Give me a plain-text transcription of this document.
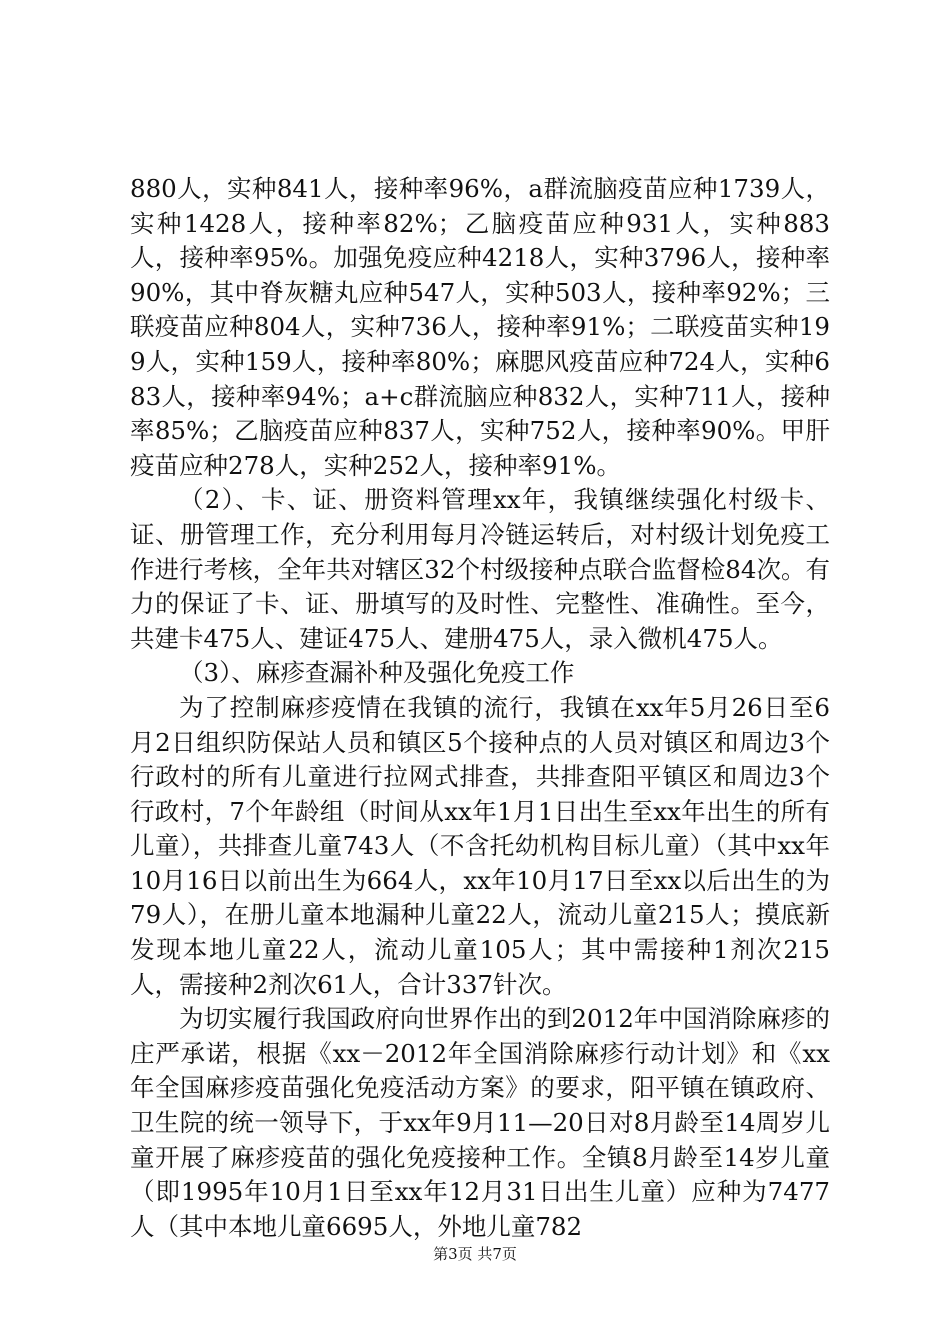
880人，实种841人，接种率96%，a群流脑疫苗应种1739人，实种1428人，接种率82%；乙脑疫苗应种931人，实种883人，接种率95%。加强免疫应种4218人，实种3796人，接种率90%，其中脊灰糖丸应种547人，实种503人，接种率92%；三联疫苗应种804人，实种736人，接种率91%；二联疫苗实种199人，实种159人，接种率80%；麻腮风疫苗应种724人，实种683人，接种率94%；a+c群流脑应种832人，实种711人，接种率85%；乙脑疫苗应种837人，实种752人，接种率90%。甲肝疫苗应种278人，实种252人，接种率91%。

（2）、卡、证、册资料管理xx年，我镇继续强化村级卡、证、册管理工作，充分利用每月冷链运转后，对村级计划免疫工作进行考核，全年共对辖区32个村级接种点联合监督检84次。有力的保证了卡、证、册填写的及时性、完整性、准确性。至今，共建卡475人、建证475人、建册475人，录入微机475人。

（3）、麻疹查漏补种及强化免疫工作

为了控制麻疹疫情在我镇的流行，我镇在xx年5月26日至6月2日组织防保站人员和镇区5个接种点的人员对镇区和周边3个行政村的所有儿童进行拉网式排查，共排查阳平镇区和周边3个行政村，7个年龄组（时间从xx年1月1日出生至xx年出生的所有儿童），共排查儿童743人（不含托幼机构目标儿童）（其中xx年10月16日以前出生为664人，xx年10月17日至xx以后出生的为79人），在册儿童本地漏种儿童22人，流动儿童215人；摸底新发现本地儿童22人，流动儿童105人；其中需接种1剂次215人，需接种2剂次61人，合计337针次。

为切实履行我国政府向世界作出的到2012年中国消除麻疹的庄严承诺，根据《xx－2012年全国消除麻疹行动计划》和《xx年全国麻疹疫苗强化免疫活动方案》的要求，阳平镇在镇政府、卫生院的统一领导下，于xx年9月11—20日对8月龄至14周岁儿童开展了麻疹疫苗的强化免疫接种工作。全镇8月龄至14岁儿童（即1995年10月1日至xx年12月31日出生儿童）应种为7477人（其中本地儿童6695人，外地儿童782

第3页 共7页
